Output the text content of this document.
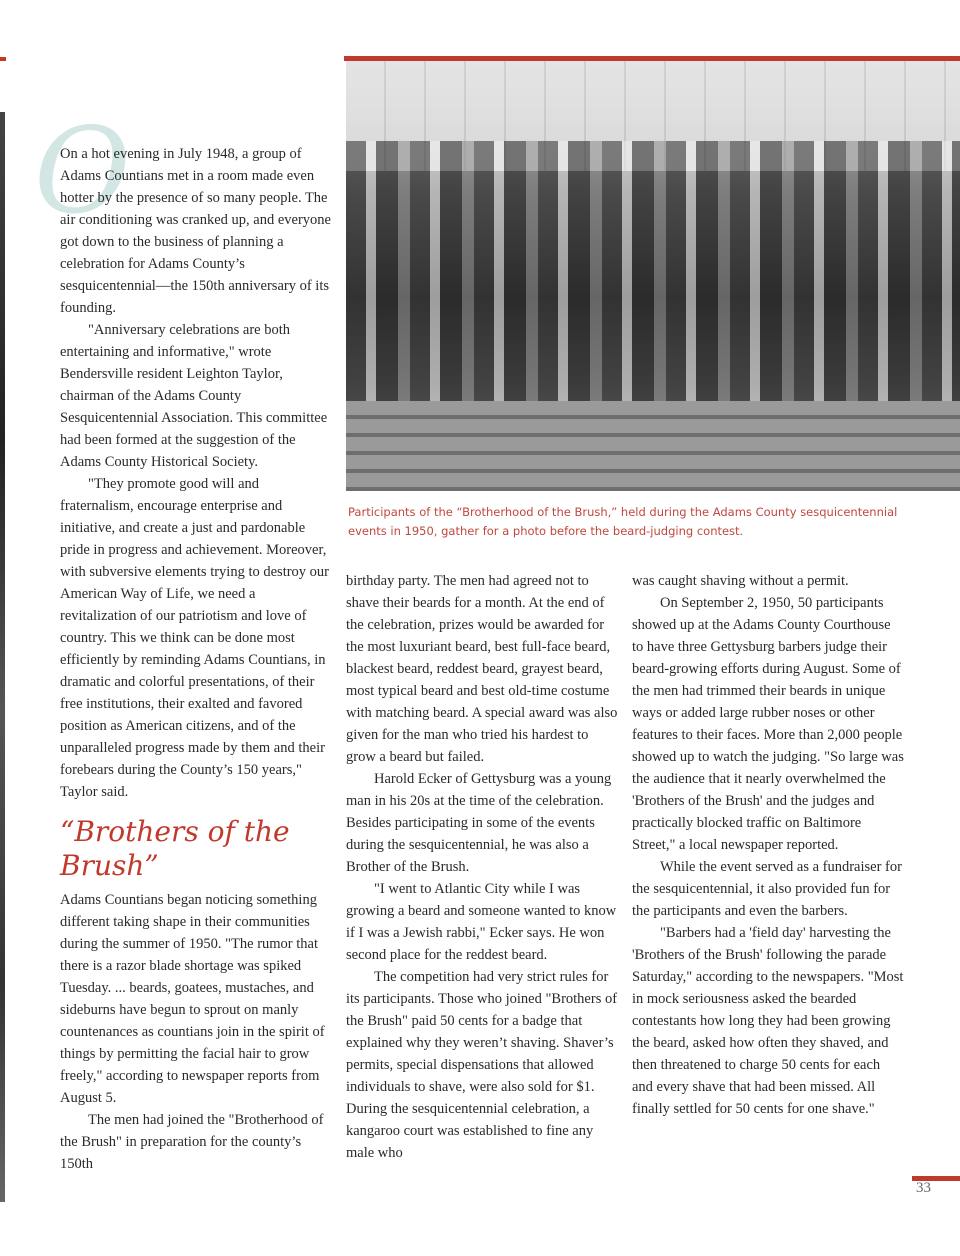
Participants of the “Brotherhood of the Brush,” held during the Adams County sesquicentennial events in 1950, gather for a photo before the beard-judging contest.
O

On a hot evening in July 1948, a group of Adams Countians met in a room made even hotter by the presence of so many people. The air conditioning was cranked up, and everyone got down to the business of planning a celebration for Adams County’s sesquicentennial—the 150th anniversary of its founding.

"Anniversary celebrations are both entertaining and informative," wrote Bendersville resident Leighton Taylor, chairman of the Adams County Sesquicentennial Association. This committee had been formed at the suggestion of the Adams County Historical Society.

"They promote good will and fraternalism, encourage enterprise and initiative, and create a just and pardonable pride in progress and achievement. Moreover, with subversive elements trying to destroy our American Way of Life, we need a revitalization of our patriotism and love of country. This we think can be done most efficiently by reminding Adams Countians, in dramatic and colorful presentations, of their free institutions, their exalted and favored position as American citizens, and of the unparalleled progress made by them and their forebears during the County’s 150 years," Taylor said.

“Brothers of the Brush”

Adams Countians began noticing something different taking shape in their communities during the summer of 1950. "The rumor that there is a razor blade shortage was spiked Tuesday. ... beards, goatees, mustaches, and sideburns have begun to sprout on manly countenances as countians join in the spirit of things by permitting the facial hair to grow freely," according to newspaper reports from August 5.

The men had joined the "Brotherhood of the Brush" in preparation for the county’s 150th

birthday party. The men had agreed not to shave their beards for a month. At the end of the celebration, prizes would be awarded for the most luxuriant beard, best full-face beard, blackest beard, reddest beard, grayest beard, most typical beard and best old-time costume with matching beard. A special award was also given for the man who tried his hardest to grow a beard but failed.

Harold Ecker of Gettysburg was a young man in his 20s at the time of the celebration. Besides participating in some of the events during the sesquicentennial, he was also a Brother of the Brush.

"I went to Atlantic City while I was growing a beard and someone wanted to know if I was a Jewish rabbi," Ecker says. He won second place for the reddest beard.

The competition had very strict rules for its participants. Those who joined "Brothers of the Brush" paid 50 cents for a badge that explained why they weren’t shaving. Shaver’s permits, special dispensations that allowed individuals to shave, were also sold for $1. During the sesquicentennial celebration, a kangaroo court was established to fine any male who

was caught shaving without a permit.

On September 2, 1950, 50 participants showed up at the Adams County Courthouse to have three Gettysburg barbers judge their beard-growing efforts during August. Some of the men had trimmed their beards in unique ways or added large rubber noses or other features to their faces. More than 2,000 people showed up to watch the judging. "So large was the audience that it nearly overwhelmed the 'Brothers of the Brush' and the judges and practically blocked traffic on Baltimore Street," a local newspaper reported.

While the event served as a fundraiser for the sesquicentennial, it also provided fun for the participants and even the barbers.

"Barbers had a 'field day' harvesting the 'Brothers of the Brush' following the parade Saturday," according to the newspapers. "Most in mock seriousness asked the bearded contestants how long they had been growing the beard, asked how often they shaved, and then threatened to charge 50 cents for each and every shave that had been missed. All finally settled for 50 cents for one shave."

33
